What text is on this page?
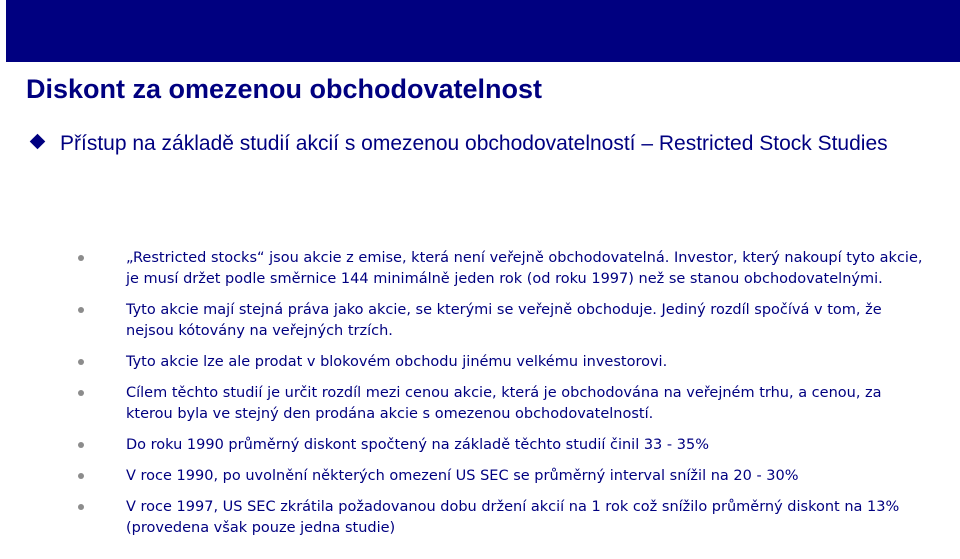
Diskont za omezenou obchodovatelnost
Přístup na základě studií akcií s omezenou obchodovatelností – Restricted Stock Studies
„Restricted stocks“ jsou akcie z emise, která není veřejně obchodovatelná. Investor, který nakoupí tyto akcie, je musí držet podle směrnice 144 minimálně jeden rok (od roku 1997) než se stanou obchodovatelnými.
Tyto akcie mají stejná práva jako akcie, se kterými se veřejně obchoduje. Jediný rozdíl spočívá v tom, že nejsou kótovány na veřejných trzích.
Tyto akcie lze ale prodat v blokovém obchodu jinému velkému investorovi.
Cílem těchto studií je určit rozdíl mezi cenou akcie, která je obchodována na veřejném trhu, a cenou, za kterou byla ve stejný den prodána akcie s omezenou obchodovatelností.
Do roku 1990 průměrný diskont spočtený na základě těchto studií činil 33 - 35%
V roce 1990, po uvolnění některých omezení US SEC se průměrný interval snížil na 20 - 30%
V roce 1997, US SEC zkrátila požadovanou dobu držení akcií na 1 rok což snížilo průměrný diskont na 13% (provedena však pouze jedna studie)
